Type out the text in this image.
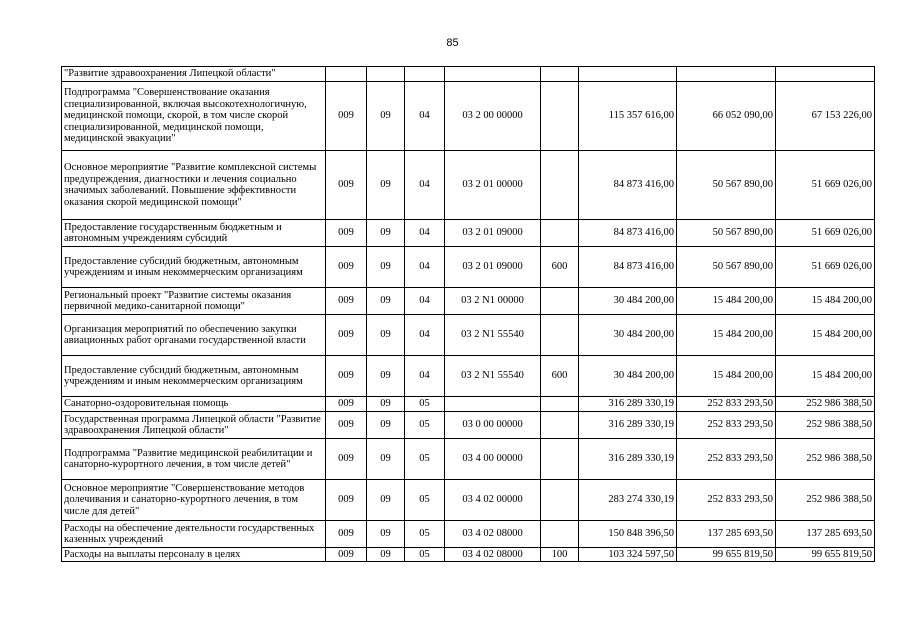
85
"Развитие здравоохранения Липецкой области"								
Подпрограмма "Совершенствование оказания специализированной, включая высокотехнологичную, медицинской помощи, скорой, в том числе скорой специализированной, медицинской помощи, медицинской эвакуации"	009	09	04	03 2 00 00000		115 357 616,00	66 052 090,00	67 153 226,00
Основное мероприятие "Развитие комплексной системы предупреждения, диагностики и лечения социально значимых заболеваний. Повышение эффективности оказания скорой медицинской помощи"	009	09	04	03 2 01 00000		84 873 416,00	50 567 890,00	51 669 026,00
Предоставление государственным бюджетным и автономным учреждениям субсидий	009	09	04	03 2 01 09000		84 873 416,00	50 567 890,00	51 669 026,00
Предоставление субсидий бюджетным, автономным учреждениям и иным некоммерческим организациям	009	09	04	03 2 01 09000	600	84 873 416,00	50 567 890,00	51 669 026,00
Региональный проект "Развитие системы оказания первичной медико-санитарной помощи"	009	09	04	03 2 N1 00000		30 484 200,00	15 484 200,00	15 484 200,00
Организация мероприятий по обеспечению закупки авиационных работ органами государственной власти	009	09	04	03 2 N1 55540		30 484 200,00	15 484 200,00	15 484 200,00
Предоставление субсидий бюджетным, автономным учреждениям и иным некоммерческим организациям	009	09	04	03 2 N1 55540	600	30 484 200,00	15 484 200,00	15 484 200,00
Санаторно-оздоровительная помощь	009	09	05			316 289 330,19	252 833 293,50	252 986 388,50
Государственная программа Липецкой области "Развитие здравоохранения Липецкой области"	009	09	05	03 0 00 00000		316 289 330,19	252 833 293,50	252 986 388,50
Подпрограмма "Развитие медицинской реабилитации и санаторно-курортного лечения, в том числе детей"	009	09	05	03 4 00 00000		316 289 330,19	252 833 293,50	252 986 388,50
Основное мероприятие "Совершенствование методов долечивания и санаторно-курортного лечения, в том числе для детей"	009	09	05	03 4 02 00000		283 274 330,19	252 833 293,50	252 986 388,50
Расходы на обеспечение деятельности государственных казенных учреждений	009	09	05	03 4 02 08000		150 848 396,50	137 285 693,50	137 285 693,50
Расходы на выплаты персоналу в целях	009	09	05	03 4 02 08000	100	103 324 597,50	99 655 819,50	99 655 819,50
